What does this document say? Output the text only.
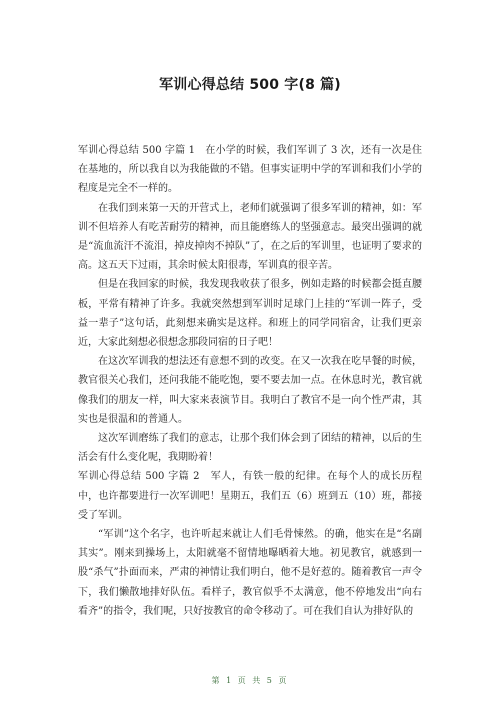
军训心得总结 500 字(8 篇)

军训心得总结 500 字篇 1　在小学的时候，我们军训了 3 次，还有一次是住在基地的，所以我自以为我能做的不错。但事实证明中学的军训和我们小学的程度是完全不一样的。

在我们到来第一天的开营式上，老师们就强调了很多军训的精神，如：军训不但培养人有吃苦耐劳的精神，而且能磨练人的坚强意志。最突出强调的就是“流血流汗不流泪，掉皮掉肉不掉队”了，在之后的军训里，也证明了要求的高。这五天下过雨，其余时候太阳很毒，军训真的很辛苦。

但是在我回家的时候，我发现我收获了很多，例如走路的时候都会挺直腰板，平常有精神了许多。我就突然想到军训时足球门上挂的“军训一阵子，受益一辈子”这句话，此刻想来确实是这样。和班上的同学同宿舍，让我们更亲近，大家此刻想必很想念那段同宿的日子吧！

在这次军训我的想法还有意想不到的改变。在又一次我在吃早餐的时候，教官很关心我们，还问我能不能吃饱，要不要去加一点。在休息时光，教官就像我们的朋友一样，叫大家来表演节目。我明白了教官不是一向个性严肃，其实也是很温和的普通人。

这次军训磨练了我们的意志，让那个我们体会到了团结的精神，以后的生活会有什么变化呢，我期盼着！

军训心得总结 500 字篇 2　军人，有铁一般的纪律。在每个人的成长历程中，也许都要进行一次军训吧！星期五，我们五（6）班到五（10）班，都接受了军训。

“军训”这个名字，也许听起来就让人们毛骨悚然。的确，他实在是“名副其实”。刚来到操场上，太阳就毫不留情地曝晒着大地。初见教官，就感到一股“杀气”扑面而来，严肃的神情让我们明白，他不是好惹的。随着教官一声令下，我们懒散地排好队伍。看样子，教官似乎不太满意，他不停地发出“向右看齐”的指令，我们呢，只好按教官的命令移动了。可在我们自认为排好队的

第 1 页 共 5 页
